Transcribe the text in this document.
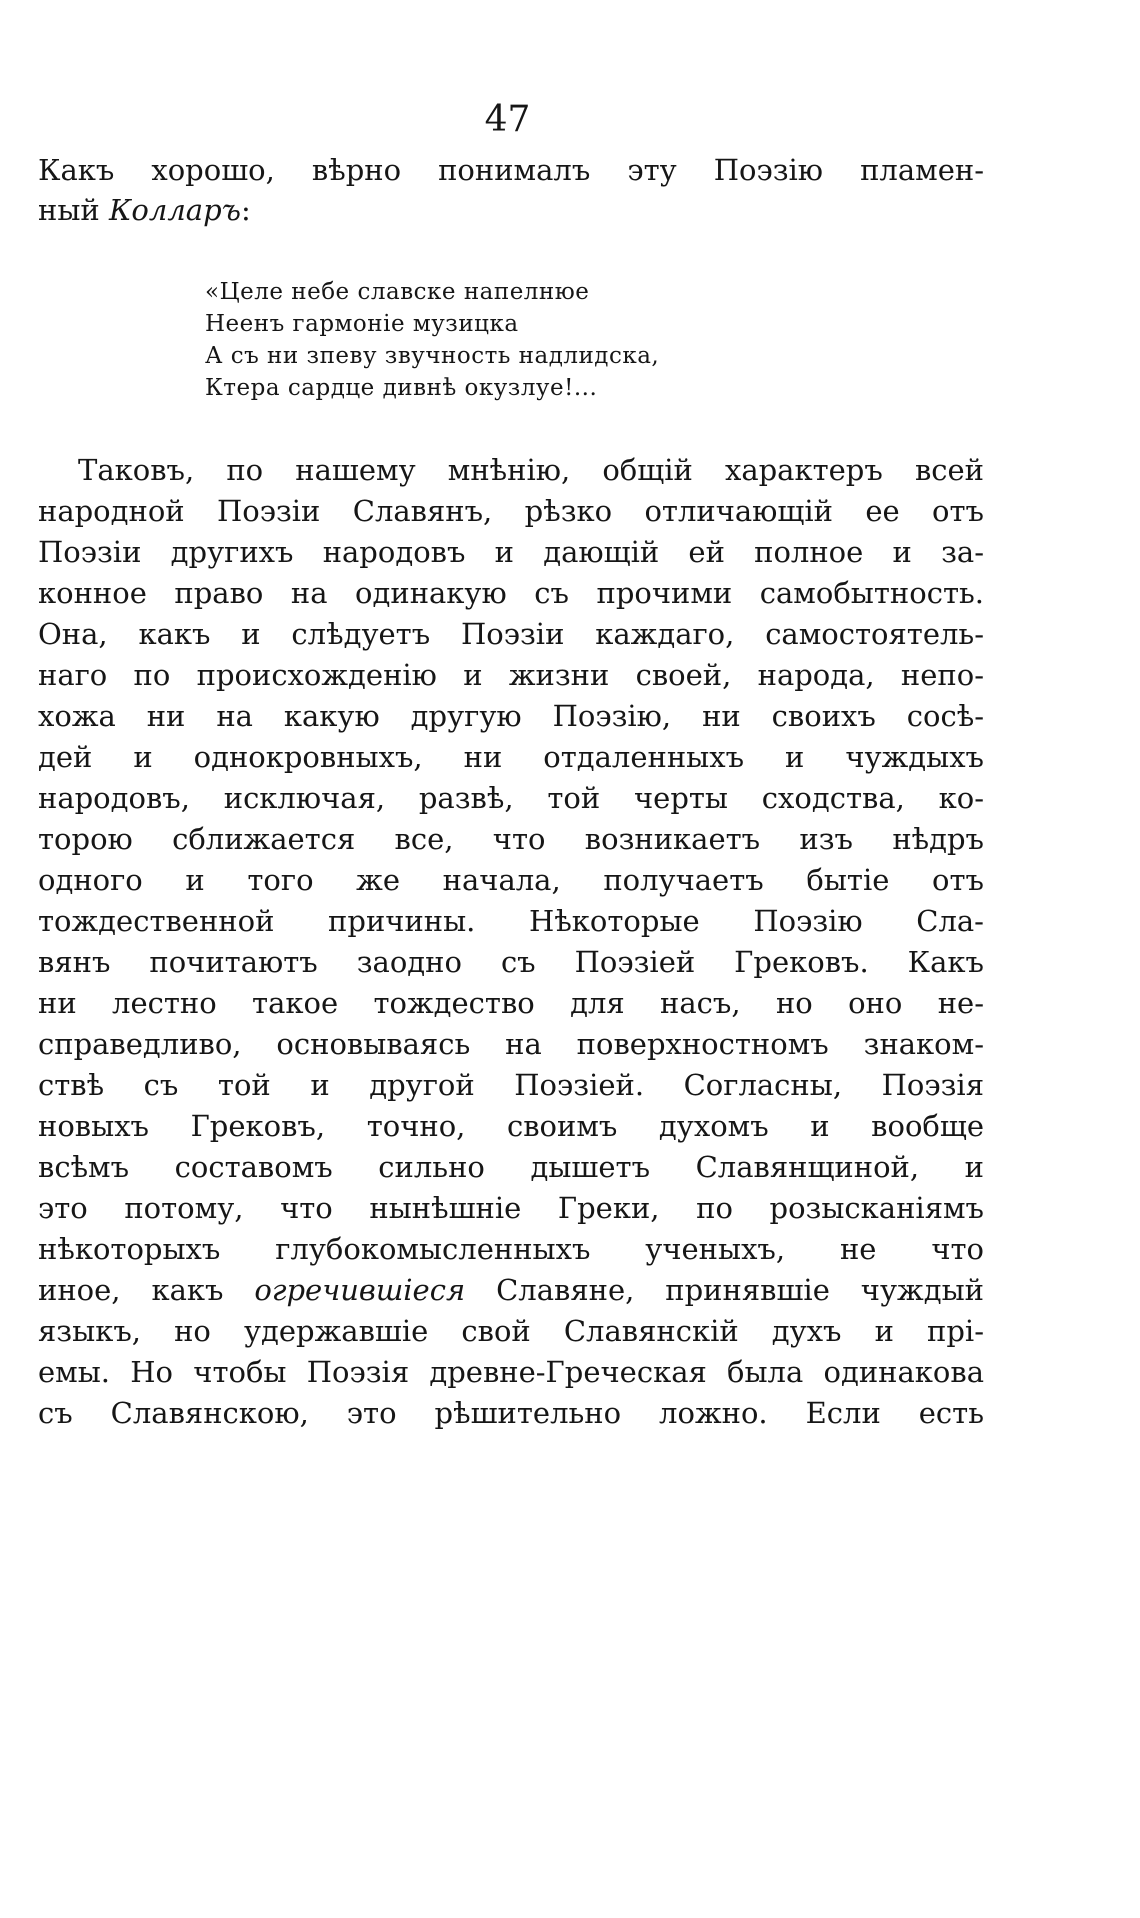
47
Какъ хорошо, вѣрно понималъ эту Поэзію пламен-
ный Колларъ:
«Целе небе славске напелнюе
Неенъ гармоніе музицка
А съ ни зпеву звучность надлидска,
Ктера сардце дивнѣ окузлуе!...
Таковъ, по нашему мнѣнію, общій характеръ всей
народной Поэзіи Славянъ, рѣзко отличающій ее отъ
Поэзіи другихъ народовъ и дающій ей полное и за-
конное право на одинакую съ прочими самобытность.
Она, какъ и слѣдуетъ Поэзіи каждаго, самостоятель-
наго по происхожденію и жизни своей, народа, непо-
хожа ни на какую другую Поэзію, ни своихъ сосѣ-
дей и однокровныхъ, ни отдаленныхъ и чуждыхъ
народовъ, исключая, развѣ, той черты сходства, ко-
торою сближается все, что возникаетъ изъ нѣдръ
одного и того же начала, получаетъ бытіе отъ
тождественной причины. Нѣкоторые Поэзію Сла-
вянъ почитаютъ заодно съ Поэзіей Грековъ. Какъ
ни лестно такое тождество для насъ, но оно не-
справедливо, основываясь на поверхностномъ знаком-
ствѣ съ той и другой Поэзіей. Согласны, Поэзія
новыхъ Грековъ, точно, своимъ духомъ и вообще
всѣмъ составомъ сильно дышетъ Славянщиной, и
это потому, что нынѣшніе Греки, по розысканіямъ
нѣкоторыхъ глубокомысленныхъ ученыхъ, не что
иное, какъ огречившіеся Славяне, принявшіе чуждый
языкъ, но удержавшіе свой Славянскій духъ и прі-
емы. Но чтобы Поэзія древне-Греческая была одинакова
съ Славянскою, это рѣшительно ложно. Если есть
